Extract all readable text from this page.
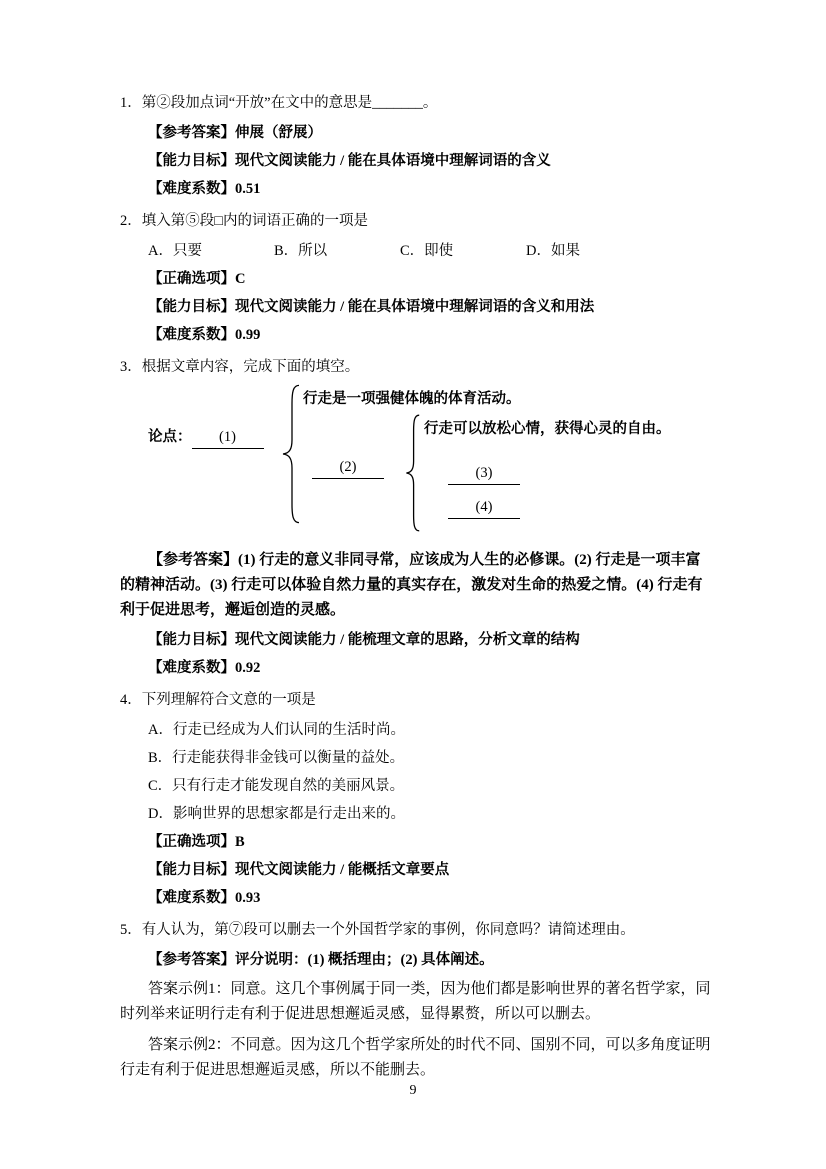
1．第②段加点词“开放”在文中的意思是_______。

【参考答案】伸展（舒展）

【能力目标】现代文阅读能力 / 能在具体语境中理解词语的含义

【难度系数】0.51

2．填入第⑤段□内的词语正确的一项是

A．只要	B．所以	C．即使	D．如果

【正确选项】C

【能力目标】现代文阅读能力 / 能在具体语境中理解词语的含义和用法

【难度系数】0.99

3．根据文章内容，完成下面的填空。

行走是一项强健体魄的体育活动。
论点： (1)
(2)
行走可以放松心情，获得心灵的自由。
(3)
(4)

【参考答案】(1) 行走的意义非同寻常，应该成为人生的必修课。(2) 行走是一项丰富的精神活动。(3) 行走可以体验自然力量的真实存在，激发对生命的热爱之情。(4) 行走有利于促进思考，邂逅创造的灵感。

【能力目标】现代文阅读能力 / 能梳理文章的思路，分析文章的结构

【难度系数】0.92

4．下列理解符合文意的一项是

A．行走已经成为人们认同的生活时尚。
B．行走能获得非金钱可以衡量的益处。
C．只有行走才能发现自然的美丽风景。
D．影响世界的思想家都是行走出来的。

【正确选项】B

【能力目标】现代文阅读能力 / 能概括文章要点

【难度系数】0.93

5．有人认为，第⑦段可以删去一个外国哲学家的事例，你同意吗？请简述理由。

【参考答案】评分说明：(1) 概括理由；(2) 具体阐述。

答案示例1：同意。这几个事例属于同一类，因为他们都是影响世界的著名哲学家，同时列举来证明行走有利于促进思想邂逅灵感，显得累赘，所以可以删去。

答案示例2：不同意。因为这几个哲学家所处的时代不同、国别不同，可以多角度证明行走有利于促进思想邂逅灵感，所以不能删去。

9
